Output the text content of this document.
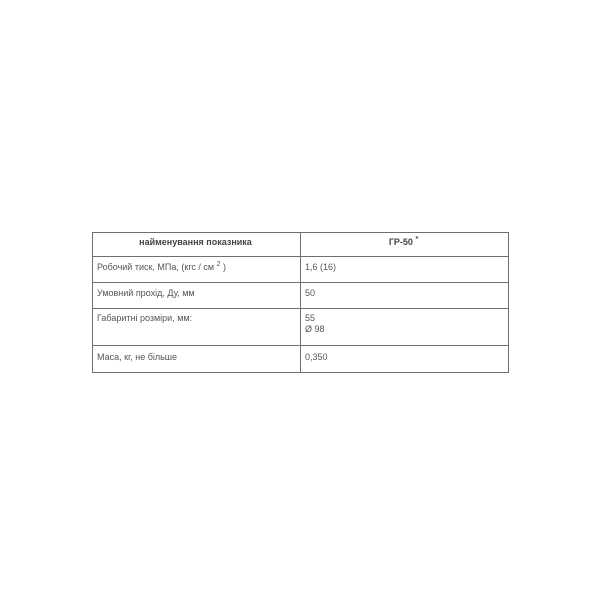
найменування показника	ГР-50 *
Робочий тиск, МПа, (кгс / см $^2$ )	1,6 (16)
Умовний прохід, Ду, мм	50
Габаритні розміри, мм:	55
Ø 98

Маса, кг, не більше	0,350
